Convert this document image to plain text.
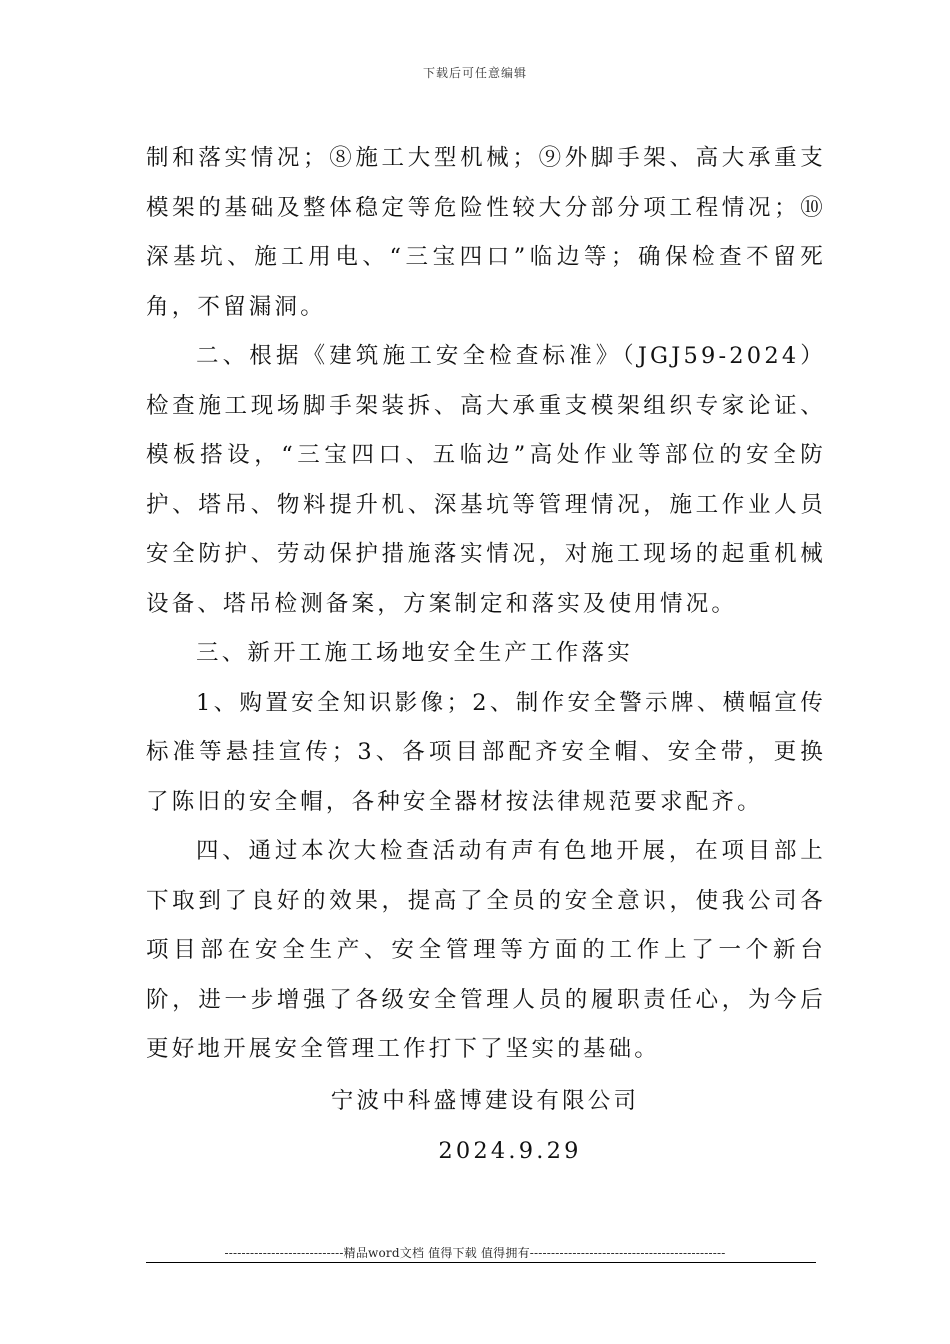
下载后可任意编辑

制和落实情况；⑧施工大型机械；⑨外脚手架、高大承重支模架的基础及整体稳定等危险性较大分部分项工程情况；⑩深基坑、施工用电、“三宝四口”临边等；确保检查不留死角，不留漏洞。

二、根据《建筑施工安全检查标准》（JGJ59-2024）检查施工现场脚手架装拆、高大承重支模架组织专家论证、模板搭设，“三宝四口、五临边”高处作业等部位的安全防护、塔吊、物料提升机、深基坑等管理情况，施工作业人员安全防护、劳动保护措施落实情况，对施工现场的起重机械设备、塔吊检测备案，方案制定和落实及使用情况。

三、新开工施工场地安全生产工作落实

1、购置安全知识影像；2、制作安全警示牌、横幅宣传标准等悬挂宣传；3、各项目部配齐安全帽、安全带，更换了陈旧的安全帽，各种安全器材按法律规范要求配齐。

四、通过本次大检查活动有声有色地开展，在项目部上下取到了良好的效果，提高了全员的安全意识，使我公司各项目部在安全生产、安全管理等方面的工作上了一个新台阶，进一步增强了各级安全管理人员的履职责任心，为今后更好地开展安全管理工作打下了坚实的基础。

宁波中科盛博建设有限公司
2024.9.29
----------------------------精品word文档 值得下载 值得拥有----------------------------------------------
